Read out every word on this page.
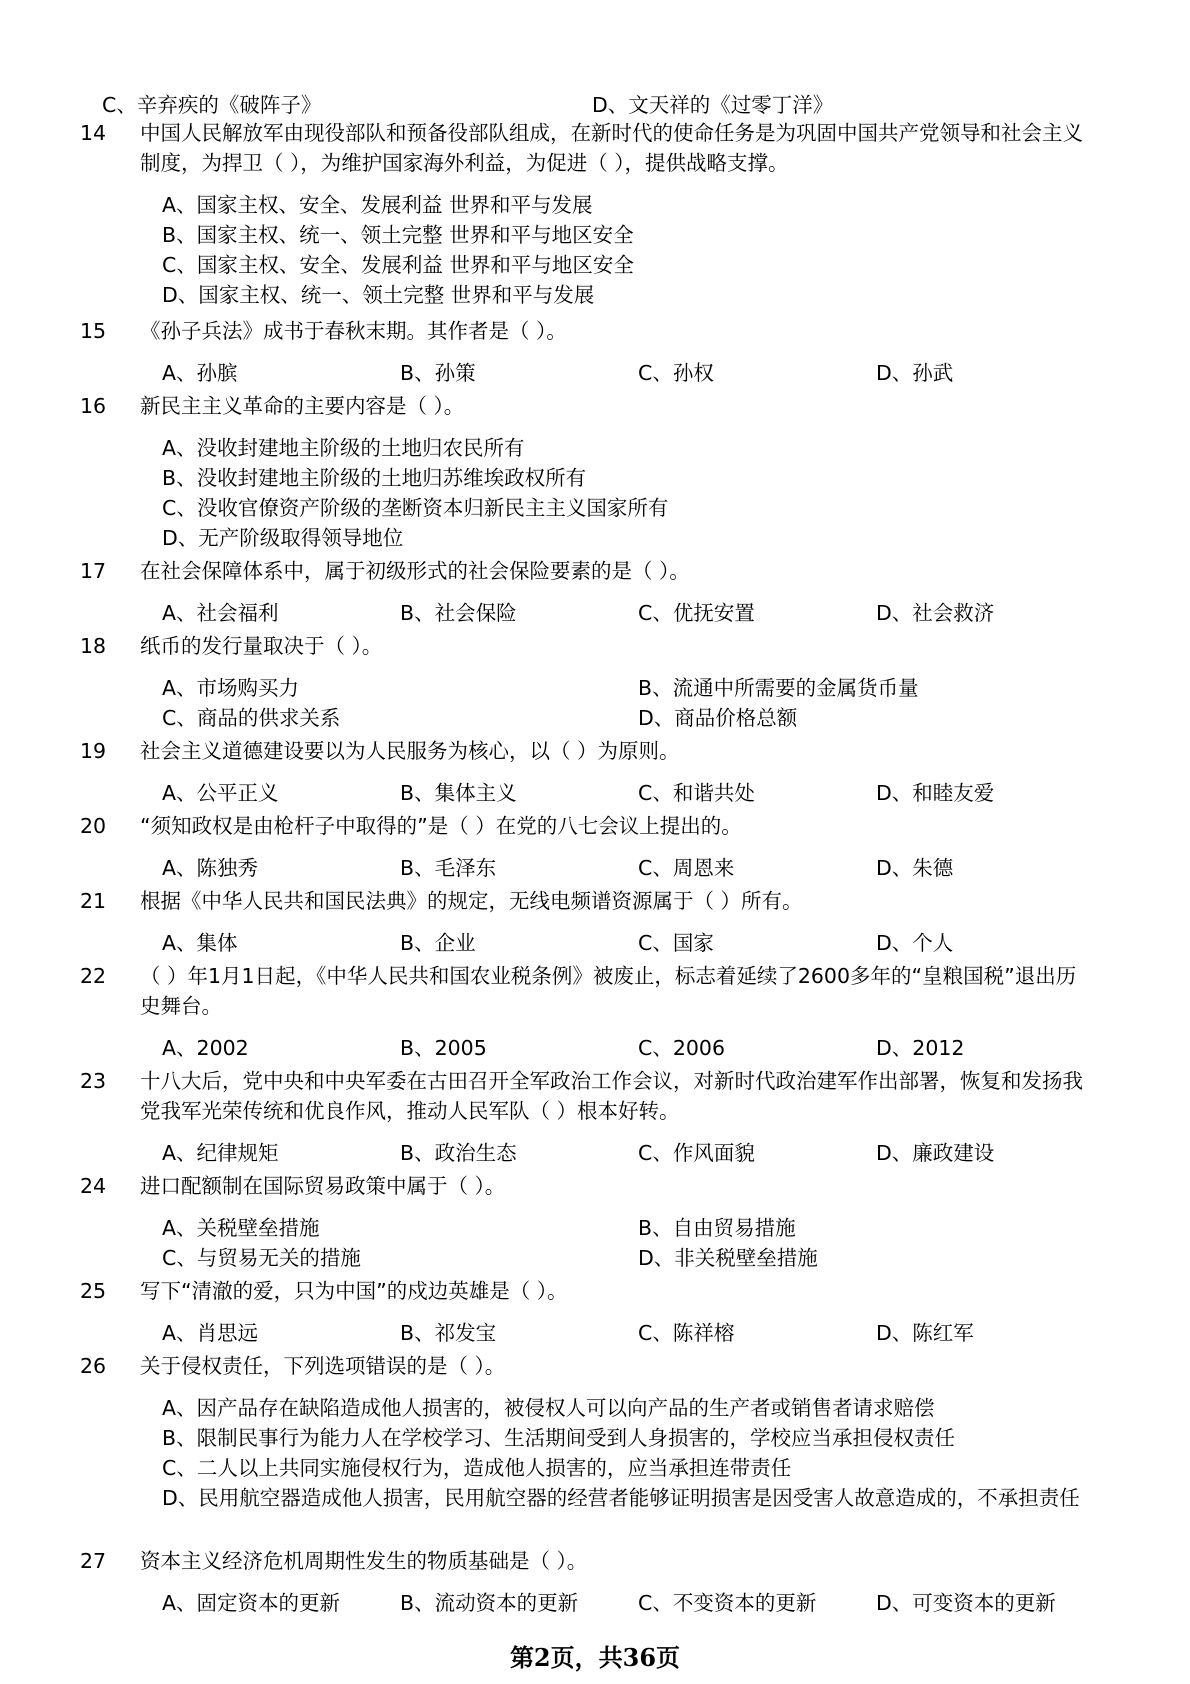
C、辛弃疾的《破阵子》	D、文天祥的《过零丁洋》
14	中国人民解放军由现役部队和预备役部队组成，在新时代的使命任务是为巩固中国共产党领导和社会主义制度，为捍卫（ ），为维护国家海外利益，为促进（ ），提供战略支撑。
A、国家主权、安全、发展利益 世界和平与发展
B、国家主权、统一、领土完整 世界和平与地区安全
C、国家主权、安全、发展利益 世界和平与地区安全
D、国家主权、统一、领土完整 世界和平与发展
15	《孙子兵法》成书于春秋末期。其作者是（ ）。
A、孙膑	B、孙策	C、孙权	D、孙武
16	新民主主义革命的主要内容是（ ）。
A、没收封建地主阶级的土地归农民所有
B、没收封建地主阶级的土地归苏维埃政权所有
C、没收官僚资产阶级的垄断资本归新民主主义国家所有
D、无产阶级取得领导地位
17	在社会保障体系中，属于初级形式的社会保险要素的是（ ）。
A、社会福利	B、社会保险	C、优抚安置	D、社会救济
18	纸币的发行量取决于（ ）。
A、市场购买力	B、流通中所需要的金属货币量
C、商品的供求关系	D、商品价格总额
19	社会主义道德建设要以为人民服务为核心，以（ ）为原则。
A、公平正义	B、集体主义	C、和谐共处	D、和睦友爱
20	“须知政权是由枪杆子中取得的”是（ ）在党的八七会议上提出的。
A、陈独秀	B、毛泽东	C、周恩来	D、朱德
21	根据《中华人民共和国民法典》的规定，无线电频谱资源属于（ ）所有。
A、集体	B、企业	C、国家	D、个人
22	（ ）年1月1日起，《中华人民共和国农业税条例》被废止，标志着延续了2600多年的“皇粮国税”退出历史舞台。
A、2002	B、2005	C、2006	D、2012
23	十八大后，党中央和中央军委在古田召开全军政治工作会议，对新时代政治建军作出部署，恢复和发扬我党我军光荣传统和优良作风，推动人民军队（ ）根本好转。
A、纪律规矩	B、政治生态	C、作风面貌	D、廉政建设
24	进口配额制在国际贸易政策中属于（ ）。
A、关税壁垒措施	B、自由贸易措施
C、与贸易无关的措施	D、非关税壁垒措施
25	写下“清澈的爱，只为中国”的戍边英雄是（ ）。
A、肖思远	B、祁发宝	C、陈祥榕	D、陈红军
26	关于侵权责任，下列选项错误的是（ ）。
A、因产品存在缺陷造成他人损害的，被侵权人可以向产品的生产者或销售者请求赔偿
B、限制民事行为能力人在学校学习、生活期间受到人身损害的，学校应当承担侵权责任
C、二人以上共同实施侵权行为，造成他人损害的，应当承担连带责任
D、民用航空器造成他人损害，民用航空器的经营者能够证明损害是因受害人故意造成的，不承担责任
27	资本主义经济危机周期性发生的物质基础是（ ）。
A、固定资本的更新	B、流动资本的更新	C、不变资本的更新	D、可变资本的更新
第2页，共36页
